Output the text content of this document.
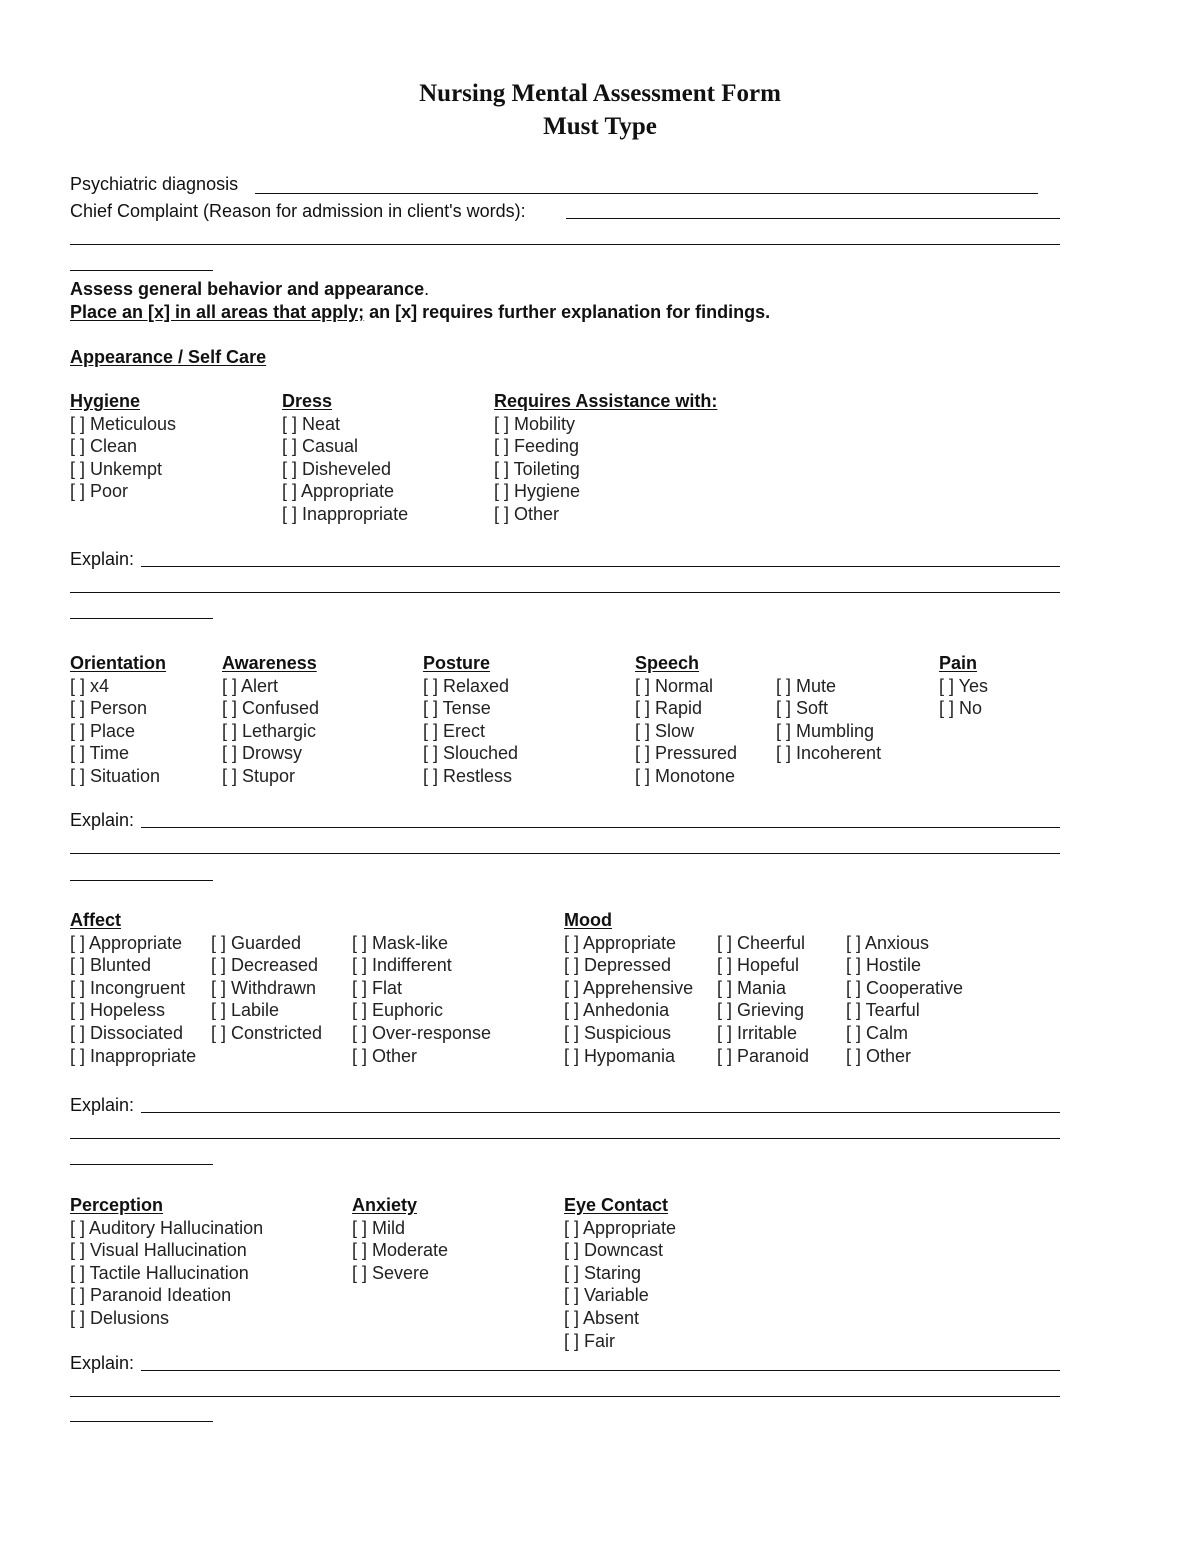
Nursing Mental Assessment Form
Must Type
Psychiatric diagnosis
Chief Complaint (Reason for admission in client's words):
Assess general behavior and appearance.
Place an [x] in all areas that apply; an [x] requires further explanation for findings.
Appearance / Self Care
Hygiene
[ ] Meticulous
[ ] Clean
[ ] Unkempt
[ ] Poor
Dress
[ ] Neat
[ ] Casual
[ ] Disheveled
[ ] Appropriate
[ ] Inappropriate
Requires Assistance with:
[ ] Mobility
[ ] Feeding
[ ] Toileting
[ ] Hygiene
[ ] Other
Explain:
Orientation
[ ] x4
[ ] Person
[ ] Place
[ ] Time
[ ] Situation
Awareness
[ ] Alert
[ ] Confused
[ ] Lethargic
[ ] Drowsy
[ ] Stupor
Posture
[ ] Relaxed
[ ] Tense
[ ] Erect
[ ] Slouched
[ ] Restless
Speech
[ ] Normal
[ ] Rapid
[ ] Slow
[ ] Pressured
[ ] Monotone
[ ] Mute
[ ] Soft
[ ] Mumbling
[ ] Incoherent
Pain
[ ] Yes
[ ] No
Explain:
Affect
[ ] Appropriate
[ ] Blunted
[ ] Incongruent
[ ] Hopeless
[ ] Dissociated
[ ] Inappropriate
[ ] Guarded
[ ] Decreased
[ ] Withdrawn
[ ] Labile
[ ] Constricted
[ ] Mask-like
[ ] Indifferent
[ ] Flat
[ ] Euphoric
[ ] Over-response
[ ] Other
Mood
[ ] Appropriate
[ ] Depressed
[ ] Apprehensive
[ ] Anhedonia
[ ] Suspicious
[ ] Hypomania
[ ] Cheerful
[ ] Hopeful
[ ] Mania
[ ] Grieving
[ ] Irritable
[ ] Paranoid
[ ] Anxious
[ ] Hostile
[ ] Cooperative
[ ] Tearful
[ ] Calm
[ ] Other
Explain:
Perception
[ ] Auditory Hallucination
[ ] Visual Hallucination
[ ] Tactile Hallucination
[ ] Paranoid Ideation
[ ] Delusions
Anxiety
[ ] Mild
[ ] Moderate
[ ] Severe
Eye Contact
[ ] Appropriate
[ ] Downcast
[ ] Staring
[ ] Variable
[ ] Absent
[ ] Fair
Explain:
